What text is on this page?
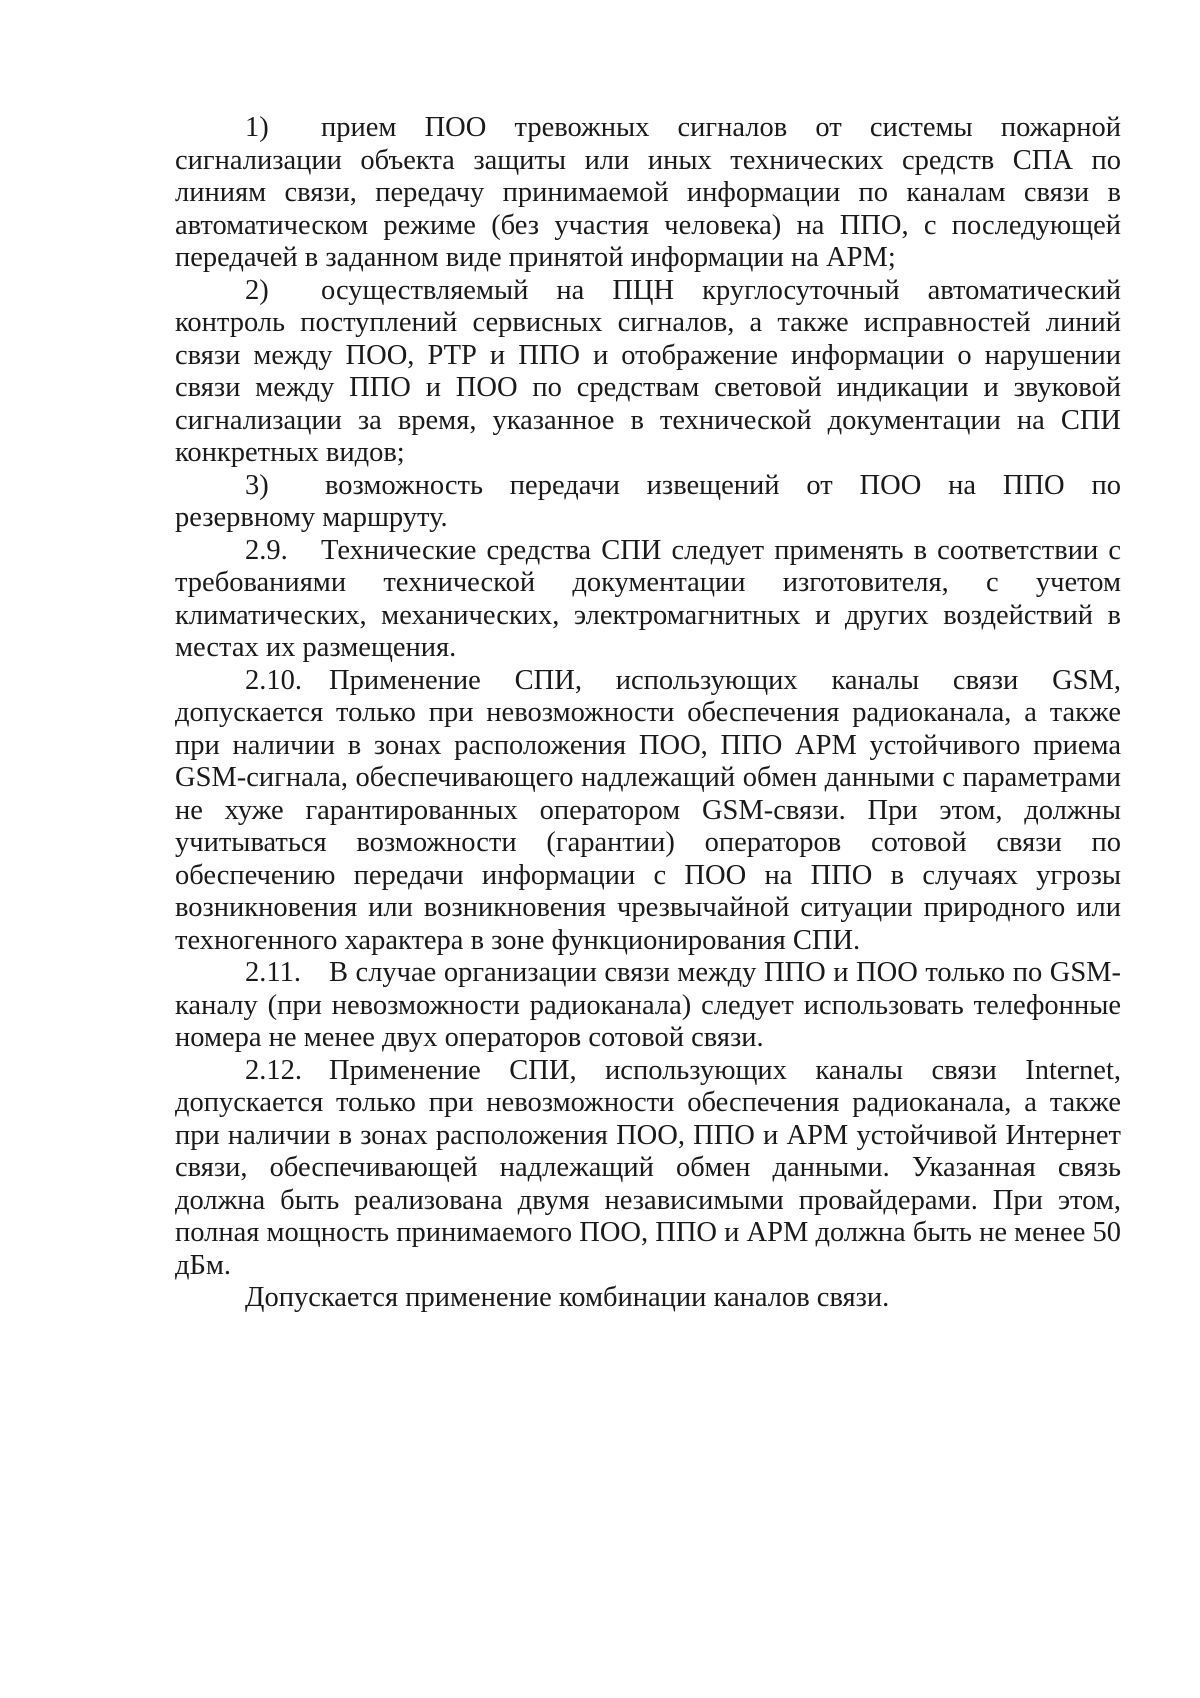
1) прием ПОО тревожных сигналов от системы пожарной сигнализации объекта защиты или иных технических средств СПА по линиям связи, передачу принимаемой информации по каналам связи в автоматическом режиме (без участия человека) на ППО, с последующей передачей в заданном виде принятой информации на АРМ;

2) осуществляемый на ПЦН круглосуточный автоматический контроль поступлений сервисных сигналов, а также исправностей линий связи между ПОО, РТР и ППО и отображение информации о нарушении связи между ППО и ПОО по средствам световой индикации и звуковой сигнализации за время, указанное в технической документации на СПИ конкретных видов;

3) возможность передачи извещений от ПОО на ППО по резервному маршруту.

2.9. Технические средства СПИ следует применять в соответствии с требованиями технической документации изготовителя, с учетом климатических, механических, электромагнитных и других воздействий в местах их размещения.

2.10. Применение СПИ, использующих каналы связи GSM, допускается только при невозможности обеспечения радиоканала, а также при наличии в зонах расположения ПОО, ППО АРМ устойчивого приема GSM-сигнала, обеспечивающего надлежащий обмен данными с параметрами не хуже гарантированных оператором GSM-связи. При этом, должны учитываться возможности (гарантии) операторов сотовой связи по обеспечению передачи информации с ПОО на ППО в случаях угрозы возникновения или возникновения чрезвычайной ситуации природного или техногенного характера в зоне функционирования СПИ.

2.11. В случае организации связи между ППО и ПОО только по GSM-каналу (при невозможности радиоканала) следует использовать телефонные номера не менее двух операторов сотовой связи.

2.12. Применение СПИ, использующих каналы связи Internet, допускается только при невозможности обеспечения радиоканала, а также при наличии в зонах расположения ПОО, ППО и АРМ устойчивой Интернет связи, обеспечивающей надлежащий обмен данными. Указанная связь должна быть реализована двумя независимыми провайдерами. При этом, полная мощность принимаемого ПОО, ППО и АРМ должна быть не менее 50 дБм.

Допускается применение комбинации каналов связи.
